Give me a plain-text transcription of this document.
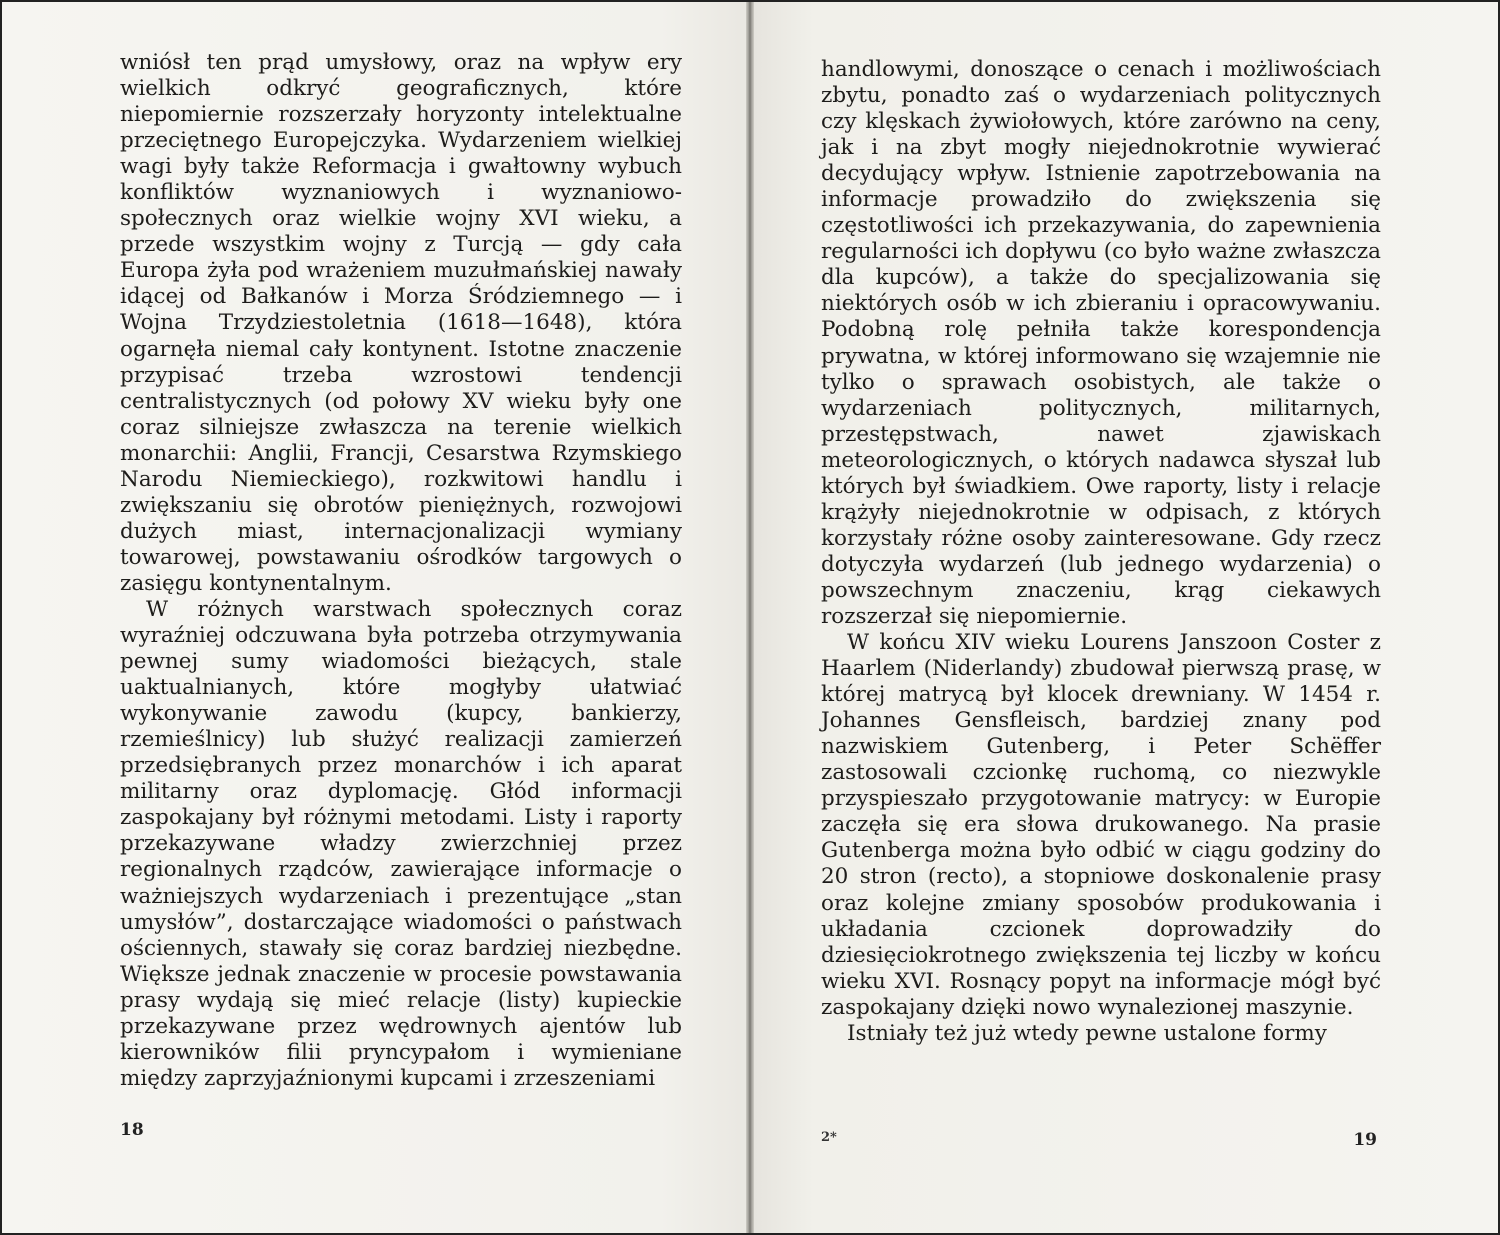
wniósł ten prąd umysłowy, oraz na wpływ ery wielkich odkryć geograficznych, które niepomiernie rozszerzały horyzonty intelektualne przeciętnego Europejczyka. Wydarzeniem wielkiej wagi były także Reformacja i gwałtowny wybuch konfliktów wyznaniowych i wyznaniowo-społecznych oraz wielkie wojny XVI wieku, a przede wszystkim wojny z Turcją — gdy cała Europa żyła pod wrażeniem muzułmańskiej nawały idącej od Bałkanów i Morza Śródziemnego — i Wojna Trzydziestoletnia (1618—1648), która ogarnęła niemal cały kontynent. Istotne znaczenie przypisać trzeba wzrostowi tendencji centralistycznych (od połowy XV wieku były one coraz silniejsze zwłaszcza na terenie wielkich monarchii: Anglii, Francji, Cesarstwa Rzymskiego Narodu Niemieckiego), rozkwitowi handlu i zwiększaniu się obrotów pieniężnych, rozwojowi dużych miast, internacjonalizacji wymiany towarowej, powstawaniu ośrodków targowych o zasięgu kontynentalnym.

W różnych warstwach społecznych coraz wyraźniej odczuwana była potrzeba otrzymywania pewnej sumy wiadomości bieżących, stale uaktualnianych, które mogłyby ułatwiać wykonywanie zawodu (kupcy, bankierzy, rzemieślnicy) lub służyć realizacji zamierzeń przedsiębranych przez monarchów i ich aparat militarny oraz dyplomację. Głód informacji zaspokajany był różnymi metodami. Listy i raporty przekazywane władzy zwierzchniej przez regionalnych rządców, zawierające informacje o ważniejszych wydarzeniach i prezentujące „stan umysłów”, dostarczające wiadomości o państwach ościennych, stawały się coraz bardziej niezbędne. Większe jednak znaczenie w procesie powstawania prasy wydają się mieć relacje (listy) kupieckie przekazywane przez wędrownych ajentów lub kierowników filii pryncypałom i wymieniane między zaprzyjaźnionymi kupcami i zrzeszeniami

18

handlowymi, donoszące o cenach i możliwościach zbytu, ponadto zaś o wydarzeniach politycznych czy klęskach żywiołowych, które zarówno na ceny, jak i na zbyt mogły niejednokrotnie wywierać decydujący wpływ. Istnienie zapotrzebowania na informacje prowadziło do zwiększenia się częstotliwości ich przekazywania, do zapewnienia regularności ich dopływu (co było ważne zwłaszcza dla kupców), a także do specjalizowania się niektórych osób w ich zbieraniu i opracowywaniu. Podobną rolę pełniła także korespondencja prywatna, w której informowano się wzajemnie nie tylko o sprawach osobistych, ale także o wydarzeniach politycznych, militarnych, przestępstwach, nawet zjawiskach meteorologicznych, o których nadawca słyszał lub których był świadkiem. Owe raporty, listy i relacje krążyły niejednokrotnie w odpisach, z których korzystały różne osoby zainteresowane. Gdy rzecz dotyczyła wydarzeń (lub jednego wydarzenia) o powszechnym znaczeniu, krąg ciekawych rozszerzał się niepomiernie.

W końcu XIV wieku Lourens Janszoon Coster z Haarlem (Niderlandy) zbudował pierwszą prasę, w której matrycą był klocek drewniany. W 1454 r. Johannes Gensfleisch, bardziej znany pod nazwiskiem Gutenberg, i Peter Schëffer zastosowali czcionkę ruchomą, co niezwykle przyspieszało przygotowanie matrycy: w Europie zaczęła się era słowa drukowanego. Na prasie Gutenberga można było odbić w ciągu godziny do 20 stron (recto), a stopniowe doskonalenie prasy oraz kolejne zmiany sposobów produkowania i układania czcionek doprowadziły do dziesięciokrotnego zwiększenia tej liczby w końcu wieku XVI. Rosnący popyt na informacje mógł być zaspokajany dzięki nowo wynalezionej maszynie.

Istniały też już wtedy pewne ustalone formy

2*	19
